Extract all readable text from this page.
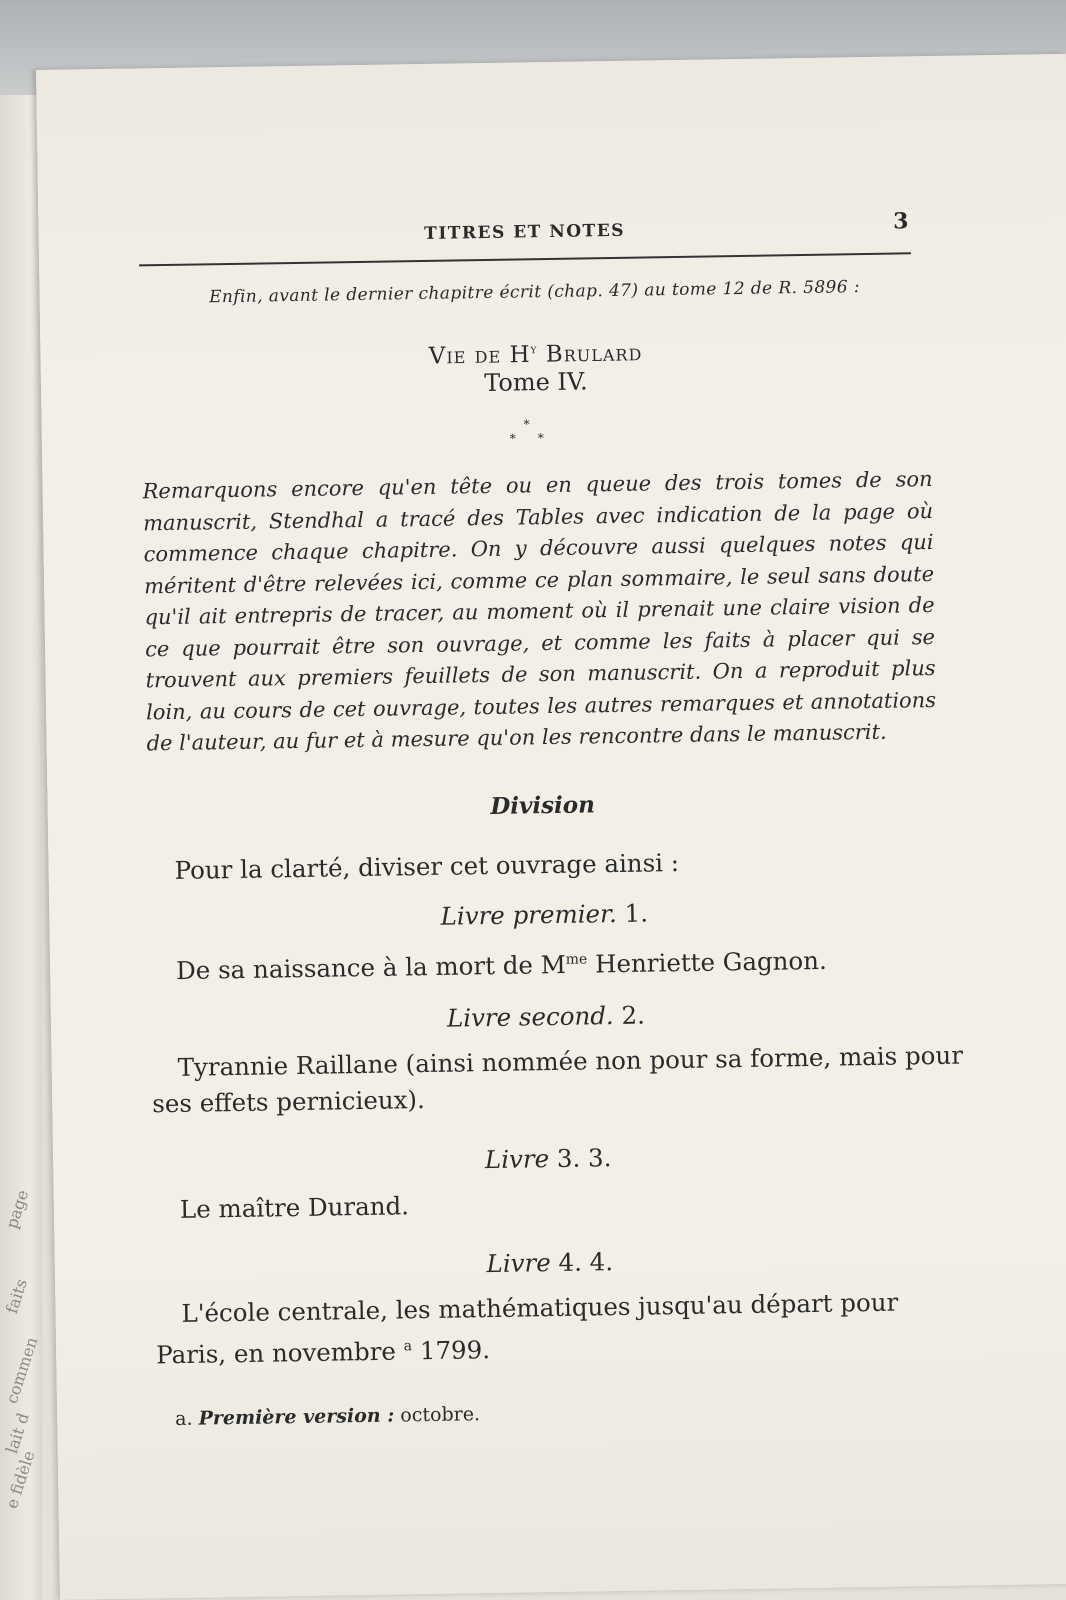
page
faits
commen
lait d
e fidèle
TITRES ET NOTES	3
Enfin, avant le dernier chapitre écrit (chap. 47) au tome 12 de R. 5896 :
Vie de $H^y$ Brulard
Tome IV.
*
* *
Remarquons encore qu'en tête ou en queue des trois tomes de son manuscrit, Stendhal a tracé des Tables avec indication de la page où commence chaque chapitre. On y découvre aussi quelques notes qui méritent d'être relevées ici, comme ce plan sommaire, le seul sans doute qu'il ait entrepris de tracer, au moment où il prenait une claire vision de ce que pourrait être son ouvrage, et comme les faits à placer qui se trouvent aux premiers feuillets de son manuscrit. On a reproduit plus loin, au cours de cet ouvrage, toutes les autres remarques et annotations de l'auteur, au fur et à mesure qu'on les rencontre dans le manuscrit.
Division
Pour la clarté, diviser cet ouvrage ainsi :
Livre premier. 1.
De sa naissance à la mort de $M^{me}$ Henriette Gagnon.
Livre second. 2.
Tyrannie Raillane (ainsi nommée non pour sa forme, mais pour ses effets pernicieux).
Livre 3. 3.
Le maître Durand.
Livre 4. 4.
L'école centrale, les mathématiques jusqu'au départ pour Paris, en novembre $^a$ 1799.
a. Première version : octobre.
